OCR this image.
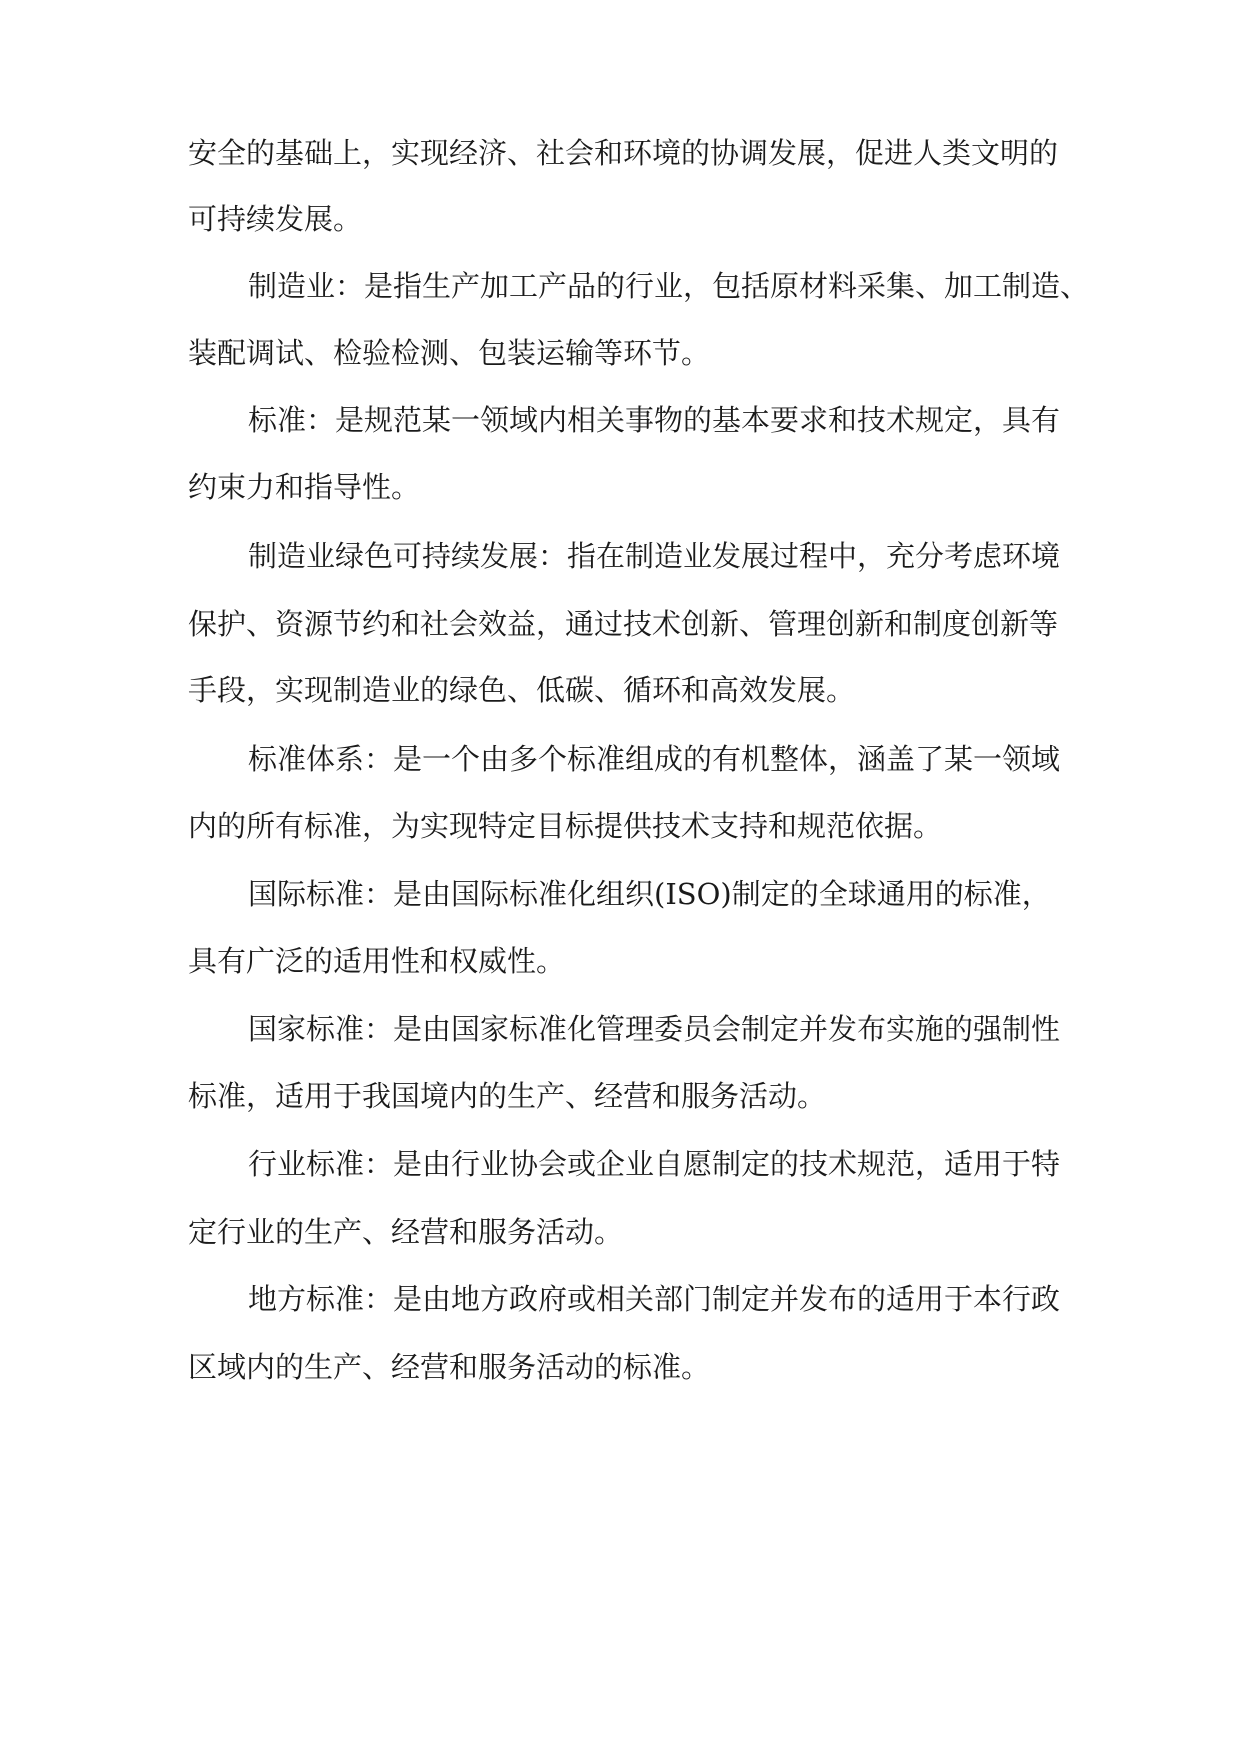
安全的基础上，实现经济、社会和环境的协调发展，促进人类文明的
可持续发展。
制造业：是指生产加工产品的行业，包括原材料采集、加工制造、
装配调试、检验检测、包装运输等环节。
标准：是规范某一领域内相关事物的基本要求和技术规定，具有
约束力和指导性。
制造业绿色可持续发展：指在制造业发展过程中，充分考虑环境
保护、资源节约和社会效益，通过技术创新、管理创新和制度创新等
手段，实现制造业的绿色、低碳、循环和高效发展。
标准体系：是一个由多个标准组成的有机整体，涵盖了某一领域
内的所有标准，为实现特定目标提供技术支持和规范依据。
国际标准：是由国际标准化组织(ISO)制定的全球通用的标准，
具有广泛的适用性和权威性。
国家标准：是由国家标准化管理委员会制定并发布实施的强制性
标准，适用于我国境内的生产、经营和服务活动。
行业标准：是由行业协会或企业自愿制定的技术规范，适用于特
定行业的生产、经营和服务活动。
地方标准：是由地方政府或相关部门制定并发布的适用于本行政
区域内的生产、经营和服务活动的标准。
